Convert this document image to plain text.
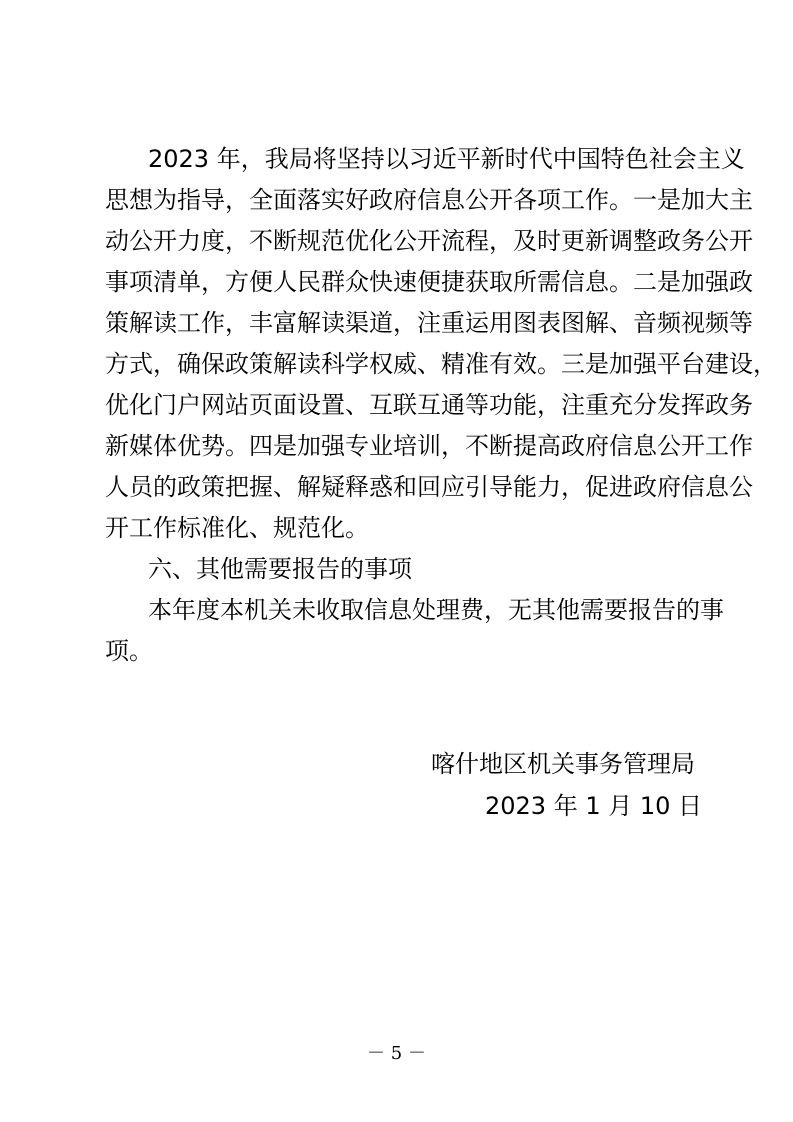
2023 年，我局将坚持以习近平新时代中国特色社会主义
思想为指导，全面落实好政府信息公开各项工作。一是加大主
动公开力度，不断规范优化公开流程，及时更新调整政务公开
事项清单，方便人民群众快速便捷获取所需信息。二是加强政
策解读工作，丰富解读渠道，注重运用图表图解、音频视频等
方式，确保政策解读科学权威、精准有效。三是加强平台建设，
优化门户网站页面设置、互联互通等功能，注重充分发挥政务
新媒体优势。四是加强专业培训，不断提高政府信息公开工作
人员的政策把握、解疑释惑和回应引导能力，促进政府信息公
开工作标准化、规范化。
六、其他需要报告的事项
本年度本机关未收取信息处理费，无其他需要报告的事
项。
喀什地区机关事务管理局
2023 年 1 月 10 日
－ 5 －
